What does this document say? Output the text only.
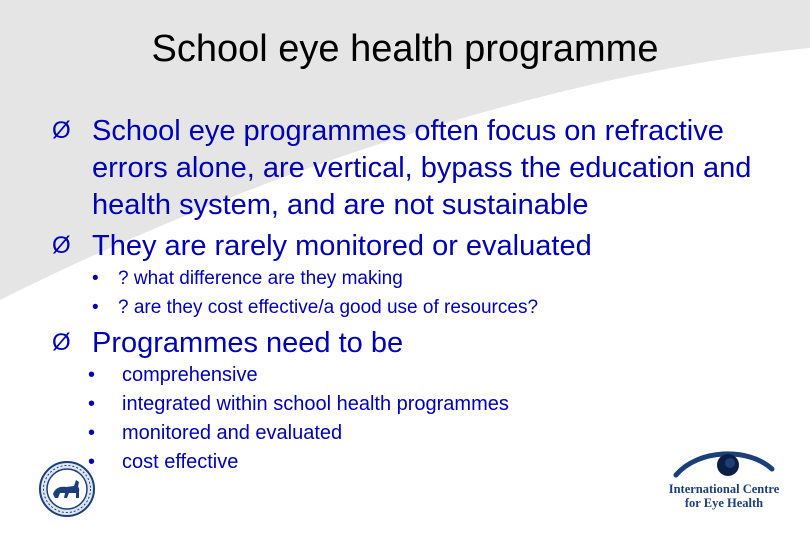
School eye health programme
Ø School eye programmes often focus on refractive errors alone, are vertical, bypass the education and health system, and are not sustainable
Ø They are rarely monitored or evaluated
•	? what difference are they making
•	? are they cost effective/a good use of resources?
Ø Programmes need to be
•	comprehensive
•	integrated within school health programmes
•	monitored and evaluated
•	cost effective
International Centre
for Eye Health
